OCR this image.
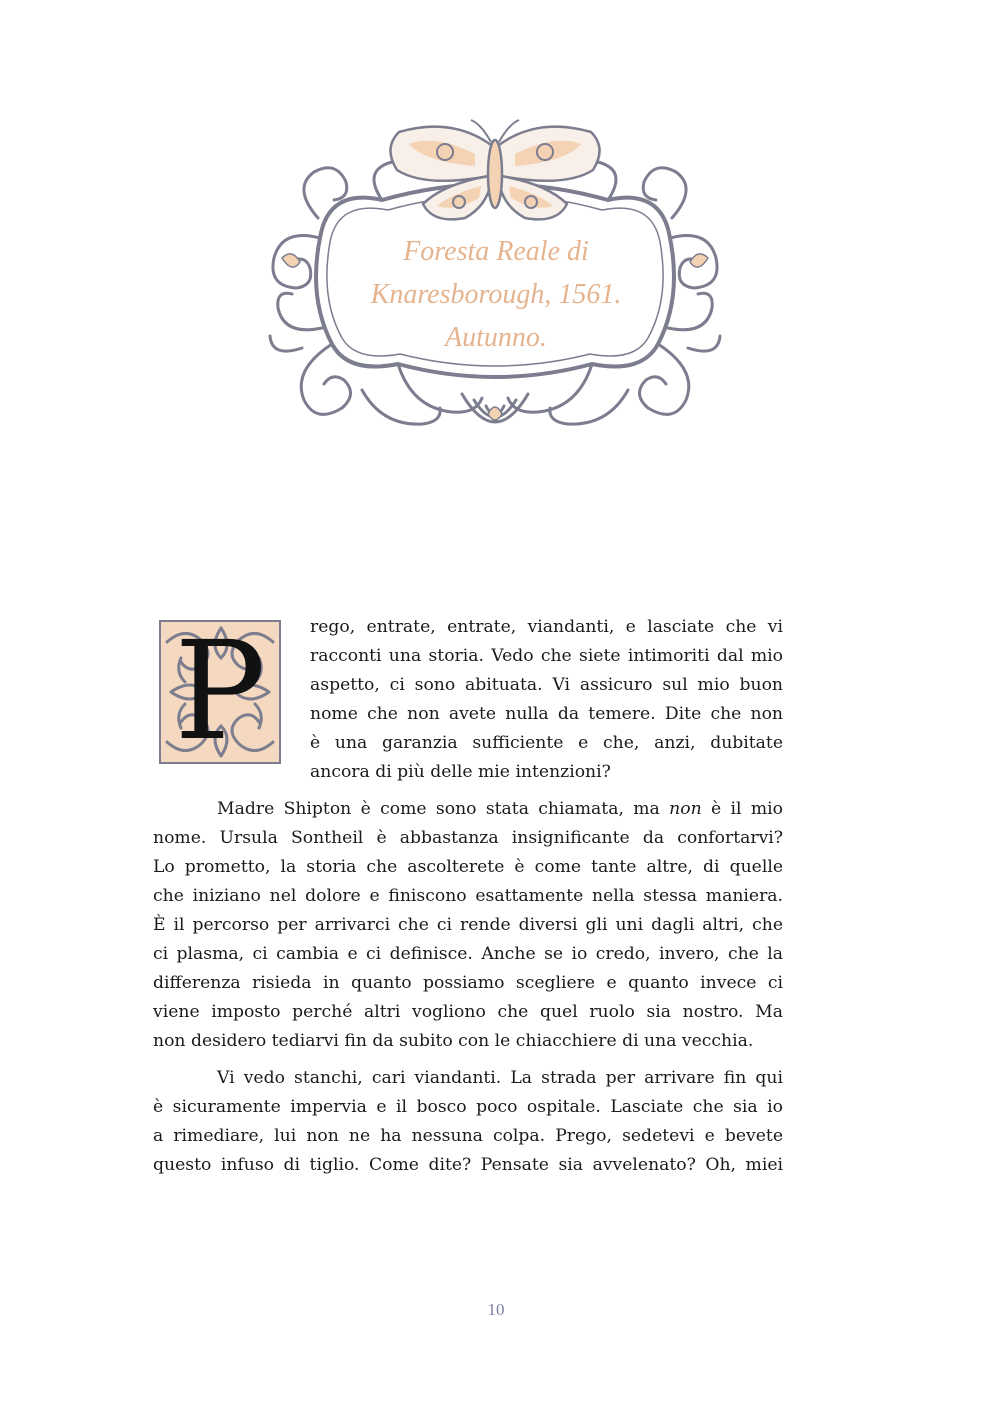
Foresta Reale di
Knaresborough, 1561.
Autunno.
P	rego, entrate, entrate, viandanti, e lasciate che vi
racconti una storia. Vedo che siete intimoriti dal mio
aspetto, ci sono abituata. Vi assicuro sul mio buon
nome che non avete nulla da temere. Dite che non
è una garanzia sufficiente e che, anzi, dubitate
ancora di più delle mie intenzioni?
Madre Shipton è come sono stata chiamata, ma non è il mio
nome. Ursula Sontheil è abbastanza insignificante da confortarvi?
Lo prometto, la storia che ascolterete è come tante altre, di quelle
che iniziano nel dolore e finiscono esattamente nella stessa maniera.
È il percorso per arrivarci che ci rende diversi gli uni dagli altri, che
ci plasma, ci cambia e ci definisce. Anche se io credo, invero, che la
differenza risieda in quanto possiamo scegliere e quanto invece ci
viene imposto perché altri vogliono che quel ruolo sia nostro. Ma
non desidero tediarvi fin da subito con le chiacchiere di una vecchia.
Vi vedo stanchi, cari viandanti. La strada per arrivare fin qui
è sicuramente impervia e il bosco poco ospitale. Lasciate che sia io
a rimediare, lui non ne ha nessuna colpa. Prego, sedetevi e bevete
questo infuso di tiglio. Come dite? Pensate sia avvelenato? Oh, miei
10
